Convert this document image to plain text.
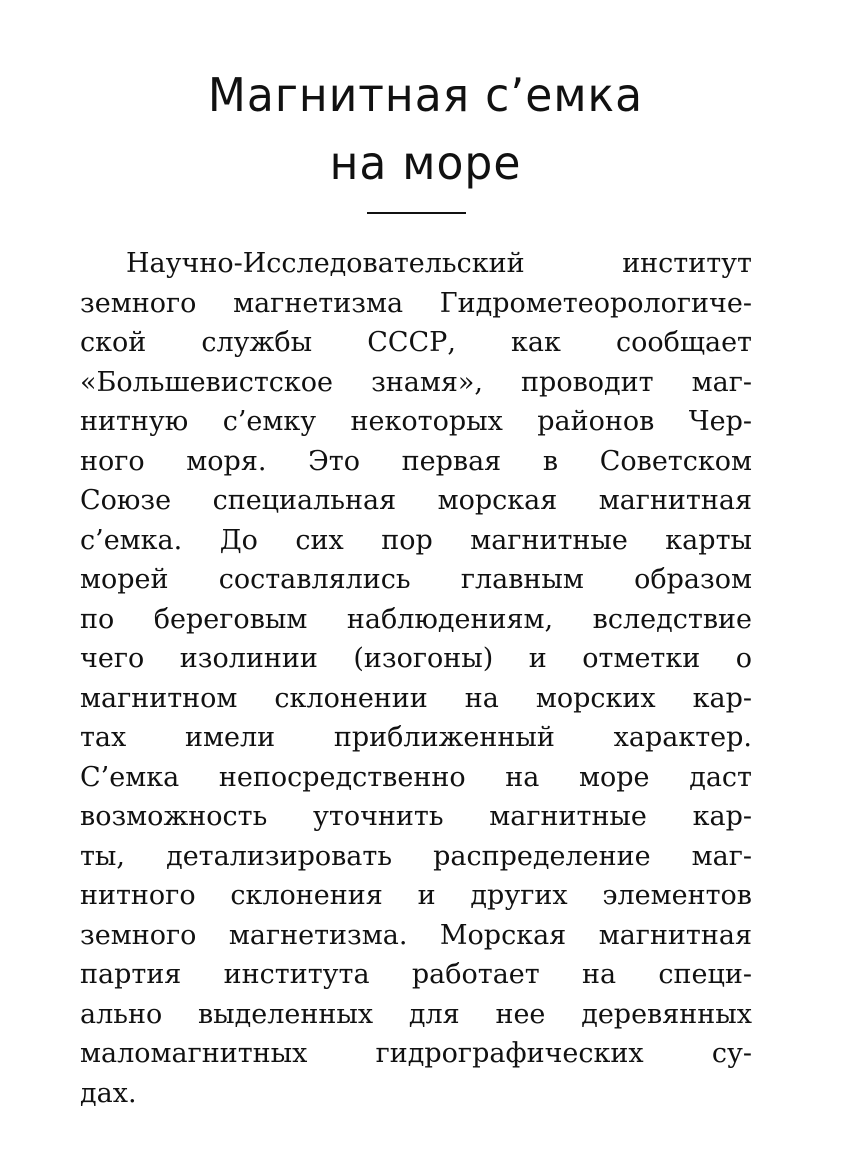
Магнитная с’емка
на море
Научно-Исследовательский институт
земного магнетизма Гидрометеорологиче-
ской службы СССР, как сообщает
«Большевистское знамя», проводит маг-
нитную с’емку некоторых районов Чер-
ного моря. Это первая в Советском
Союзе специальная морская магнитная
с’емка. До сих пор магнитные карты
морей составлялись главным образом
по береговым наблюдениям, вследствие
чего изолинии (изогоны) и отметки о
магнитном склонении на морских кар-
тах имели приближенный характер.
С’емка непосредственно на море даст
возможность уточнить магнитные кар-
ты, детализировать распределение маг-
нитного склонения и других элементов
земного магнетизма. Морская магнитная
партия института работает на специ-
ально выделенных для нее деревянных
маломагнитных гидрографических су-
дах.
